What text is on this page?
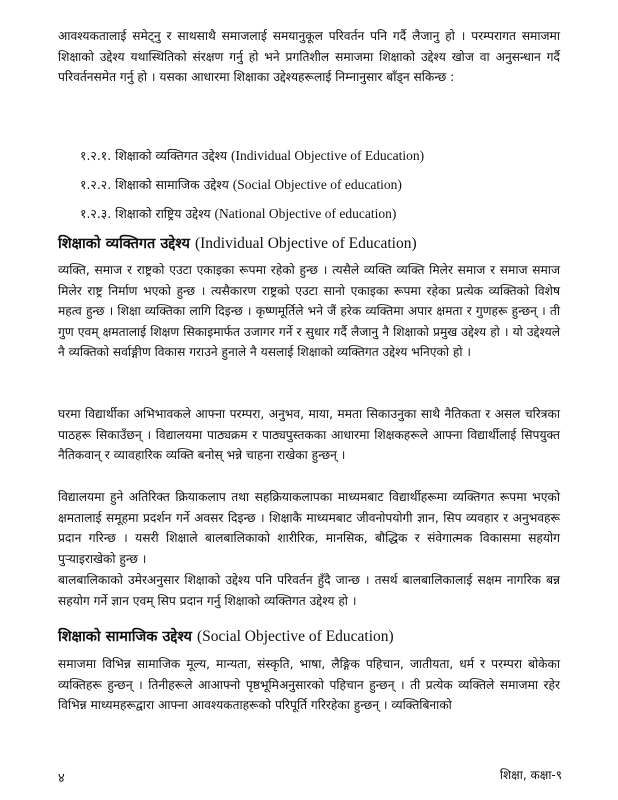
आवश्यकतालाई समेट्नु र साथसाथै समाजलाई समयानुकूल परिवर्तन पनि गर्दै लैजानु हो । परम्परागत समाजमा शिक्षाको उद्देश्य यथास्थितिको संरक्षण गर्नु हो भने प्रगतिशील समाजमा शिक्षाको उद्देश्य खोज वा अनुसन्धान गर्दै परिवर्तनसमेत गर्नु हो । यसका आधारमा शिक्षाका उद्देश्यहरूलाई निम्नानुसार बाँड्न सकिन्छ :

१.२.१. शिक्षाको व्यक्तिगत उद्देश्य (Individual Objective of Education)
१.२.२. शिक्षाको सामाजिक उद्देश्य (Social Objective of education)
१.२.३. शिक्षाको राष्ट्रिय उद्देश्य (National Objective of education)
शिक्षाको व्यक्तिगत उद्देश्य (Individual Objective of Education)

व्यक्ति, समाज र राष्ट्रको एउटा एकाइका रूपमा रहेको हुन्छ । त्यसैले व्यक्ति व्यक्ति मिलेर समाज र समाज समाज मिलेर राष्ट्र निर्माण भएको हुन्छ । त्यसैकारण राष्ट्रको एउटा सानो एकाइका रूपमा रहेका प्रत्येक व्यक्तिको विशेष महत्व हुन्छ । शिक्षा व्यक्तिका लागि दिइन्छ । कृष्णमूर्तिले भने जैं हरेक व्यक्तिमा अपार क्षमता र गुणहरू हुन्छन् । ती गुण एवम् क्षमतालाई शिक्षण सिकाइमार्फत उजागर गर्ने र सुधार गर्दै लैजानु नै शिक्षाको प्रमुख उद्देश्य हो । यो उद्देश्यले नै व्यक्तिको सर्वाङ्गीण विकास गराउने हुनाले नै यसलाई शिक्षाको व्यक्तिगत उद्देश्य भनिएको हो ।

घरमा विद्यार्थीका अभिभावकले आफ्ना परम्परा, अनुभव, माया, ममता सिकाउनुका साथै नैतिकता र असल चरित्रका पाठहरू सिकाउँछन् । विद्यालयमा पाठ्यक्रम र पाठ्यपुस्तकका आधारमा शिक्षकहरूले आफ्ना विद्यार्थीलाई सिपयुक्त नैतिकवान् र व्यावहारिक व्यक्ति बनोस् भन्ने चाहना राखेका हुन्छन् ।

विद्यालयमा हुने अतिरिक्त क्रियाकलाप तथा सहक्रियाकलापका माध्यमबाट विद्यार्थीहरूमा व्यक्तिगत रूपमा भएको क्षमतालाई समूहमा प्रदर्शन गर्ने अवसर दिइन्छ । शिक्षाकै माध्यमबाट जीवनोपयोगी ज्ञान, सिप व्यवहार र अनुभवहरू प्रदान गरिन्छ । यसरी शिक्षाले बालबालिकाको शारीरिक, मानसिक, बौद्धिक र संवेगात्मक विकासमा सहयोग पुऱ्याइराखेको हुन्छ ।

बालबालिकाको उमेरअनुसार शिक्षाको उद्देश्य पनि परिवर्तन हुँदै जान्छ । तसर्थ बालबालिकालाई सक्षम नागरिक बन्न सहयोग गर्ने ज्ञान एवम् सिप प्रदान गर्नु शिक्षाको व्यक्तिगत उद्देश्य हो ।

शिक्षाको सामाजिक उद्देश्य (Social Objective of Education)

समाजमा विभिन्न सामाजिक मूल्य, मान्यता, संस्कृति, भाषा, लैङ्गिक पहिचान, जातीयता, धर्म र परम्परा बोकेका व्यक्तिहरू हुन्छन् । तिनीहरूले आआफ्नो पृष्ठभूमिअनुसारको पहिचान हुन्छन् । ती प्रत्येक व्यक्तिले समाजमा रहेर विभिन्न माध्यमहरूद्वारा आफ्ना आवश्यकताहरूको परिपूर्ति गरिरहेका हुन्छन् । व्यक्तिबिनाको

४	शिक्षा, कक्षा-९
